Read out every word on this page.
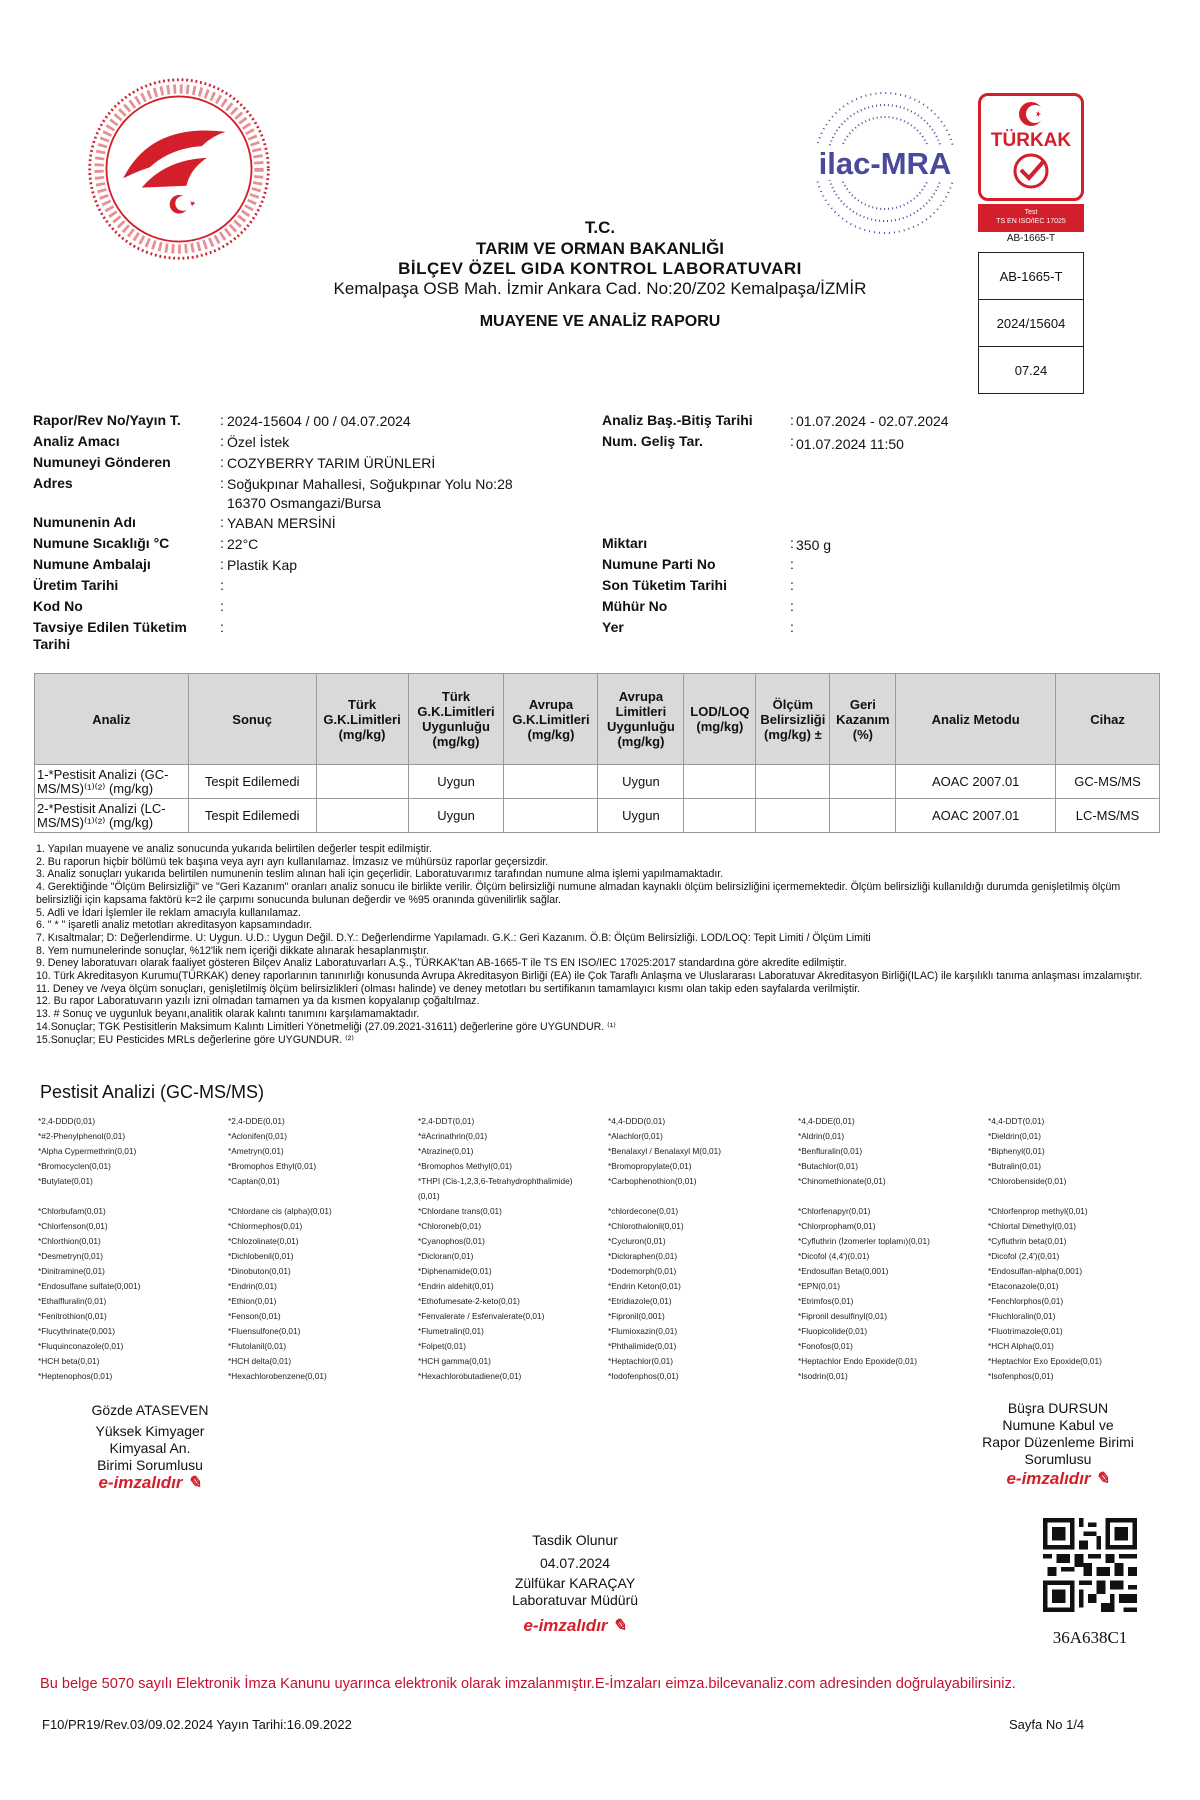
ilac-MRA
TÜRKAK
Test
TS EN ISO/IEC 17025
AB-1665-T
AB-1665-T
2024/15604
07.24
T.C.
TARIM VE ORMAN BAKANLIĞI
BİLÇEV ÖZEL GIDA KONTROL LABORATUVARI
Kemalpaşa OSB Mah. İzmir Ankara Cad. No:20/Z02 Kemalpaşa/İZMİR
MUAYENE VE ANALİZ RAPORU
Rapor/Rev No/Yayın T.	: 2024-15604 / 00 / 04.07.2024
Analiz Amacı	: Özel İstek
Numuneyi Gönderen	: COZYBERRY TARIM ÜRÜNLERİ
Adres	: Soğukpınar Mahallesi, Soğukpınar Yolu No:28
16370 Osmangazi/Bursa
Numunenin Adı	: YABAN MERSİNİ
Numune Sıcaklığı °C	: 22°C
Numune Ambalajı	: Plastik Kap
Üretim Tarihi	:
Kod No	:
Tavsiye Edilen Tüketim
Tarihi
:
Analiz Baş.-Bitiş Tarihi	: 01.07.2024 - 02.07.2024
Num. Geliş Tar.	: 01.07.2024 11:50
Miktarı	: 350 g
Numune Parti No	:
Son Tüketim Tarihi	:
Mühür No	:
Yer	:
Analiz	Sonuç	Türk G.K.Limitleri (mg/kg)	Türk G.K.Limitleri Uygunluğu (mg/kg)	Avrupa G.K.Limitleri (mg/kg)	Avrupa Limitleri Uygunluğu (mg/kg)	LOD/LOQ (mg/kg)	Ölçüm Belirsizliği (mg/kg) ±	Geri Kazanım (%)	Analiz Metodu	Cihaz
1-*Pestisit Analizi (GC-MS/MS)⁽¹⁾⁽²⁾ (mg/kg)	Tespit Edilemedi		Uygun		Uygun				AOAC 2007.01	GC-MS/MS
2-*Pestisit Analizi (LC-MS/MS)⁽¹⁾⁽²⁾ (mg/kg)	Tespit Edilemedi		Uygun		Uygun				AOAC 2007.01	LC-MS/MS

1. Yapılan muayene ve analiz sonucunda yukarıda belirtilen değerler tespit edilmiştir.

2. Bu raporun hiçbir bölümü tek başına veya ayrı ayrı kullanılamaz. İmzasız ve mühürsüz raporlar geçersizdir.

3. Analiz sonuçları yukarıda belirtilen numunenin teslim alınan hali için geçerlidir. Laboratuvarımız tarafından numune alma işlemi yapılmamaktadır.

4. Gerektiğinde "Ölçüm Belirsizliği" ve "Geri Kazanım" oranları analiz sonucu ile birlikte verilir. Ölçüm belirsizliği numune almadan kaynaklı ölçüm belirsizliğini içermemektedir. Ölçüm belirsizliği kullanıldığı durumda genişletilmiş ölçüm belirsizliği için kapsama faktörü k=2 ile çarpımı sonucunda bulunan değerdir ve %95 oranında güvenilirlik sağlar.

5. Adli ve İdari İşlemler ile reklam amacıyla kullanılamaz.

6. " * " işaretli analiz metotları akreditasyon kapsamındadır.

7. Kısaltmalar; D: Değerlendirme. U: Uygun. U.D.: Uygun Değil. D.Y.: Değerlendirme Yapılamadı. G.K.: Geri Kazanım. Ö.B: Ölçüm Belirsizliği. LOD/LOQ: Tepit Limiti / Ölçüm Limiti

8. Yem numunelerinde sonuçlar, %12'lik nem içeriği dikkate alınarak hesaplanmıştır.

9. Deney laboratuvarı olarak faaliyet gösteren Bilçev Analiz Laboratuvarları A.Ş., TÜRKAK'tan AB-1665-T ile TS EN ISO/IEC 17025:2017 standardına göre akredite edilmiştir.

10. Türk Akreditasyon Kurumu(TÜRKAK) deney raporlarının tanınırlığı konusunda Avrupa Akreditasyon Birliği (EA) ile Çok Taraflı Anlaşma ve Uluslararası Laboratuvar Akreditasyon Birliği(ILAC) ile karşılıklı tanıma anlaşması imzalamıştır.

11. Deney ve /veya ölçüm sonuçları, genişletilmiş ölçüm belirsizlikleri (olması halinde) ve deney metotları bu sertifikanın tamamlayıcı kısmı olan takip eden sayfalarda verilmiştir.

12. Bu rapor Laboratuvarın yazılı izni olmadan tamamen ya da kısmen kopyalanıp çoğaltılmaz.

13. # Sonuç ve uygunluk beyanı,analitik olarak kalıntı tanımını karşılamamaktadır.

14.Sonuçlar; TGK Pestisitlerin Maksimum Kalıntı Limitleri Yönetmeliği (27.09.2021-31611) değerlerine göre UYGUNDUR. ⁽¹⁾

15.Sonuçlar; EU Pesticides MRLs değerlerine göre UYGUNDUR. ⁽²⁾

Pestisit Analizi (GC-MS/MS)
*2,4-DDD(0,01)
*#2-Phenylphenol(0,01)
*Alpha Cypermethrin(0,01)
*Bromocyclen(0,01)
*Butylate(0,01)

*Chlorbufam(0,01)
*Chlorfenson(0,01)
*Chlorthion(0,01)
*Desmetryn(0,01)
*Dinitramine(0,01)
*Endosulfane sulfate(0,001)
*Ethalfluralin(0,01)
*Fenitrothion(0,01)
*Flucythrinate(0,001)
*Fluquinconazole(0,01)
*HCH beta(0,01)
*Heptenophos(0,01)
*2,4-DDE(0,01)
*Aclonifen(0,01)
*Ametryn(0,01)
*Bromophos Ethyl(0,01)
*Captan(0,01)

*Chlordane cis (alpha)(0,01)
*Chlormephos(0,01)
*Chlozolinate(0,01)
*Dichlobenil(0,01)
*Dinobuton(0,01)
*Endrin(0,01)
*Ethion(0,01)
*Fenson(0,01)
*Fluensulfone(0,01)
*Flutolanil(0,01)
*HCH delta(0,01)
*Hexachlorobenzene(0,01)
*2,4-DDT(0,01)
*#Acrinathrin(0,01)
*Atrazine(0,01)
*Bromophos Methyl(0,01)
*THPI (Cis-1,2,3,6-Tetrahydrophthalimide)
(0,01)
*Chlordane trans(0,01)
*Chloroneb(0,01)
*Cyanophos(0,01)
*Dicloran(0,01)
*Diphenamide(0,01)
*Endrin aldehit(0,01)
*Ethofumesate-2-keto(0,01)
*Fenvalerate / Esfenvalerate(0,01)
*Flumetralin(0,01)
*Folpet(0,01)
*HCH gamma(0,01)
*Hexachlorobutadiene(0,01)
*4,4-DDD(0,01)
*Alachlor(0,01)
*Benalaxyl / Benalaxyl M(0,01)
*Bromopropylate(0,01)
*Carbophenothion(0,01)

*chlordecone(0,01)
*Chlorothalonil(0,01)
*Cycluron(0,01)
*Dicloraphen(0,01)
*Dodemorph(0,01)
*Endrin Keton(0,01)
*Etridiazole(0,01)
*Fipronil(0,001)
*Flumioxazin(0,01)
*Phthalimide(0,01)
*Heptachlor(0,01)
*Iodofenphos(0,01)
*4,4-DDE(0,01)
*Aldrin(0,01)
*Benfluralin(0,01)
*Butachlor(0,01)
*Chinomethionate(0,01)

*Chlorfenapyr(0,01)
*Chlorpropham(0,01)
*Cyfluthrin (İzomerler toplamı)(0,01)
*Dicofol (4,4')(0,01)
*Endosulfan Beta(0,001)
*EPN(0,01)
*Etrimfos(0,01)
*Fipronil desulfinyl(0,01)
*Fluopicolide(0,01)
*Fonofos(0,01)
*Heptachlor Endo Epoxide(0,01)
*Isodrin(0,01)
*4,4-DDT(0,01)
*Dieldrin(0,01)
*Biphenyl(0,01)
*Butralin(0,01)
*Chlorobenside(0,01)

*Chlorfenprop methyl(0,01)
*Chlortal Dimethyl(0,01)
*Cyfluthrin beta(0,01)
*Dicofol (2,4')(0,01)
*Endosulfan-alpha(0,001)
*Etaconazole(0,01)
*Fenchlorphos(0,01)
*Fluchloralin(0,01)
*Fluotrimazole(0,01)
*HCH Alpha(0,01)
*Heptachlor Exo Epoxide(0,01)
*Isofenphos(0,01)
Gözde ATASEVEN
Yüksek Kimyager
Kimyasal An.
Birimi Sorumlusu
e-imzalıdır ✎
Büşra DURSUN
Numune Kabul ve
Rapor Düzenleme Birimi
Sorumlusu
e-imzalıdır ✎
Tasdik Olunur
04.07.2024
Zülfükar KARAÇAY
Laboratuvar Müdürü
e-imzalıdır ✎
36A638C1
Bu belge 5070 sayılı Elektronik İmza Kanunu uyarınca elektronik olarak imzalanmıştır.E-İmzaları eimza.bilcevanaliz.com adresinden doğrulayabilirsiniz.
F10/PR19/Rev.03/09.02.2024 Yayın Tarihi:16.09.2022	Sayfa No 1/4
